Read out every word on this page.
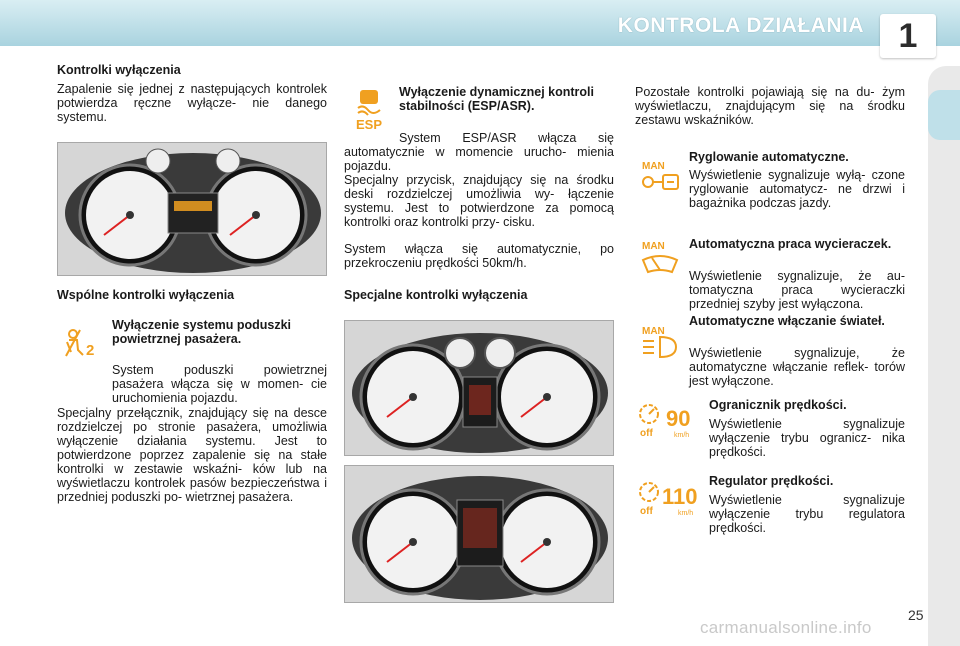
KONTROLA DZIAŁANIA	1
Kontrolki wyłączenia
Zapalenie się jednej z następujących kontrolek potwierdza ręczne wyłącze- nie danego systemu.
Wspólne kontrolki wyłączenia
2
Wyłączenie systemu poduszki powietrznej pasażera.
System poduszki powietrznej pasażera włącza się w momen- cie uruchomienia pojazdu.
Specjalny przełącznik, znajdujący się na desce rozdzielczej po stronie pasażera, umożliwia wyłączenie działania systemu. Jest to potwierdzone poprzez zapalenie się na stałe kontrolki w zestawie wskaźni- ków lub na wyświetlaczu kontrolek pasów bezpieczeństwa i przedniej poduszki po- wietrznej pasażera.
ESP
Wyłączenie dynamicznej kontroli stabilności (ESP/ASR).
System ESP/ASR włącza się automatycznie w momencie urucho- mienia pojazdu.
Specjalny przycisk, znajdujący się na środku deski rozdzielczej umożliwia wy- łączenie systemu. Jest to potwierdzone za pomocą kontrolki oraz kontrolki przy- cisku.
System włącza się automatycznie, po przekroczeniu prędkości 50km/h.
Specjalne kontrolki wyłączenia
Pozostałe kontrolki pojawiają się na du- żym wyświetlaczu, znajdującym się na środku zestawu wskaźników.
MAN
Ryglowanie automatyczne.
Wyświetlenie sygnalizuje wyłą- czone ryglowanie automatycz- ne drzwi i bagażnika podczas jazdy.
MAN Automatyczna praca wycieraczek.
Wyświetlenie sygnalizuje, że au- tomatyczna praca wycieraczki przedniej szyby jest wyłączona.
MAN
Automatyczne włączanie świateł.
Wyświetlenie sygnalizuje, że automatyczne włączanie reflek- torów jest wyłączone.
off
90
km/h
Ogranicznik prędkości.
Wyświetlenie sygnalizuje wyłączenie trybu ogranicz- nika prędkości.
off
110
km/h
Regulator prędkości.
Wyświetlenie sygnalizuje wyłączenie trybu regulatora prędkości.
25
carmanualsonline.info
